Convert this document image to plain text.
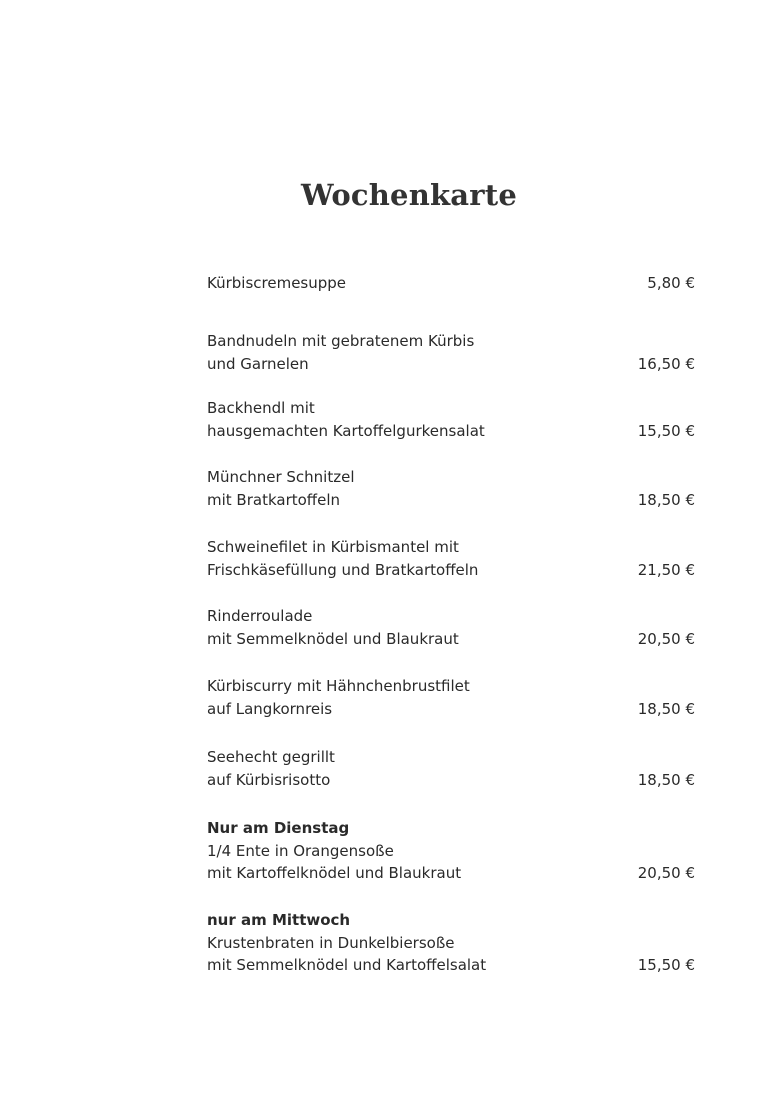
Wochenkarte
Kürbiscremesuppe	5,80 €
Bandnudeln mit gebratenem Kürbis
und Garnelen	16,50 €
Backhendl mit
hausgemachten Kartoffelgurkensalat	15,50 €
Münchner Schnitzel
mit Bratkartoffeln	18,50 €
Schweinefilet in Kürbismantel mit
Frischkäsefüllung und Bratkartoffeln	21,50 €
Rinderroulade
mit Semmelknödel und Blaukraut	20,50 €
Kürbiscurry mit Hähnchenbrustfilet
auf Langkornreis	18,50 €
Seehecht gegrillt
auf Kürbisrisotto	18,50 €
Nur am Dienstag
1/4 Ente in Orangensoße
mit Kartoffelknödel und Blaukraut	20,50 €
nur am Mittwoch
Krustenbraten in Dunkelbiersoße
mit Semmelknödel und Kartoffelsalat	15,50 €
